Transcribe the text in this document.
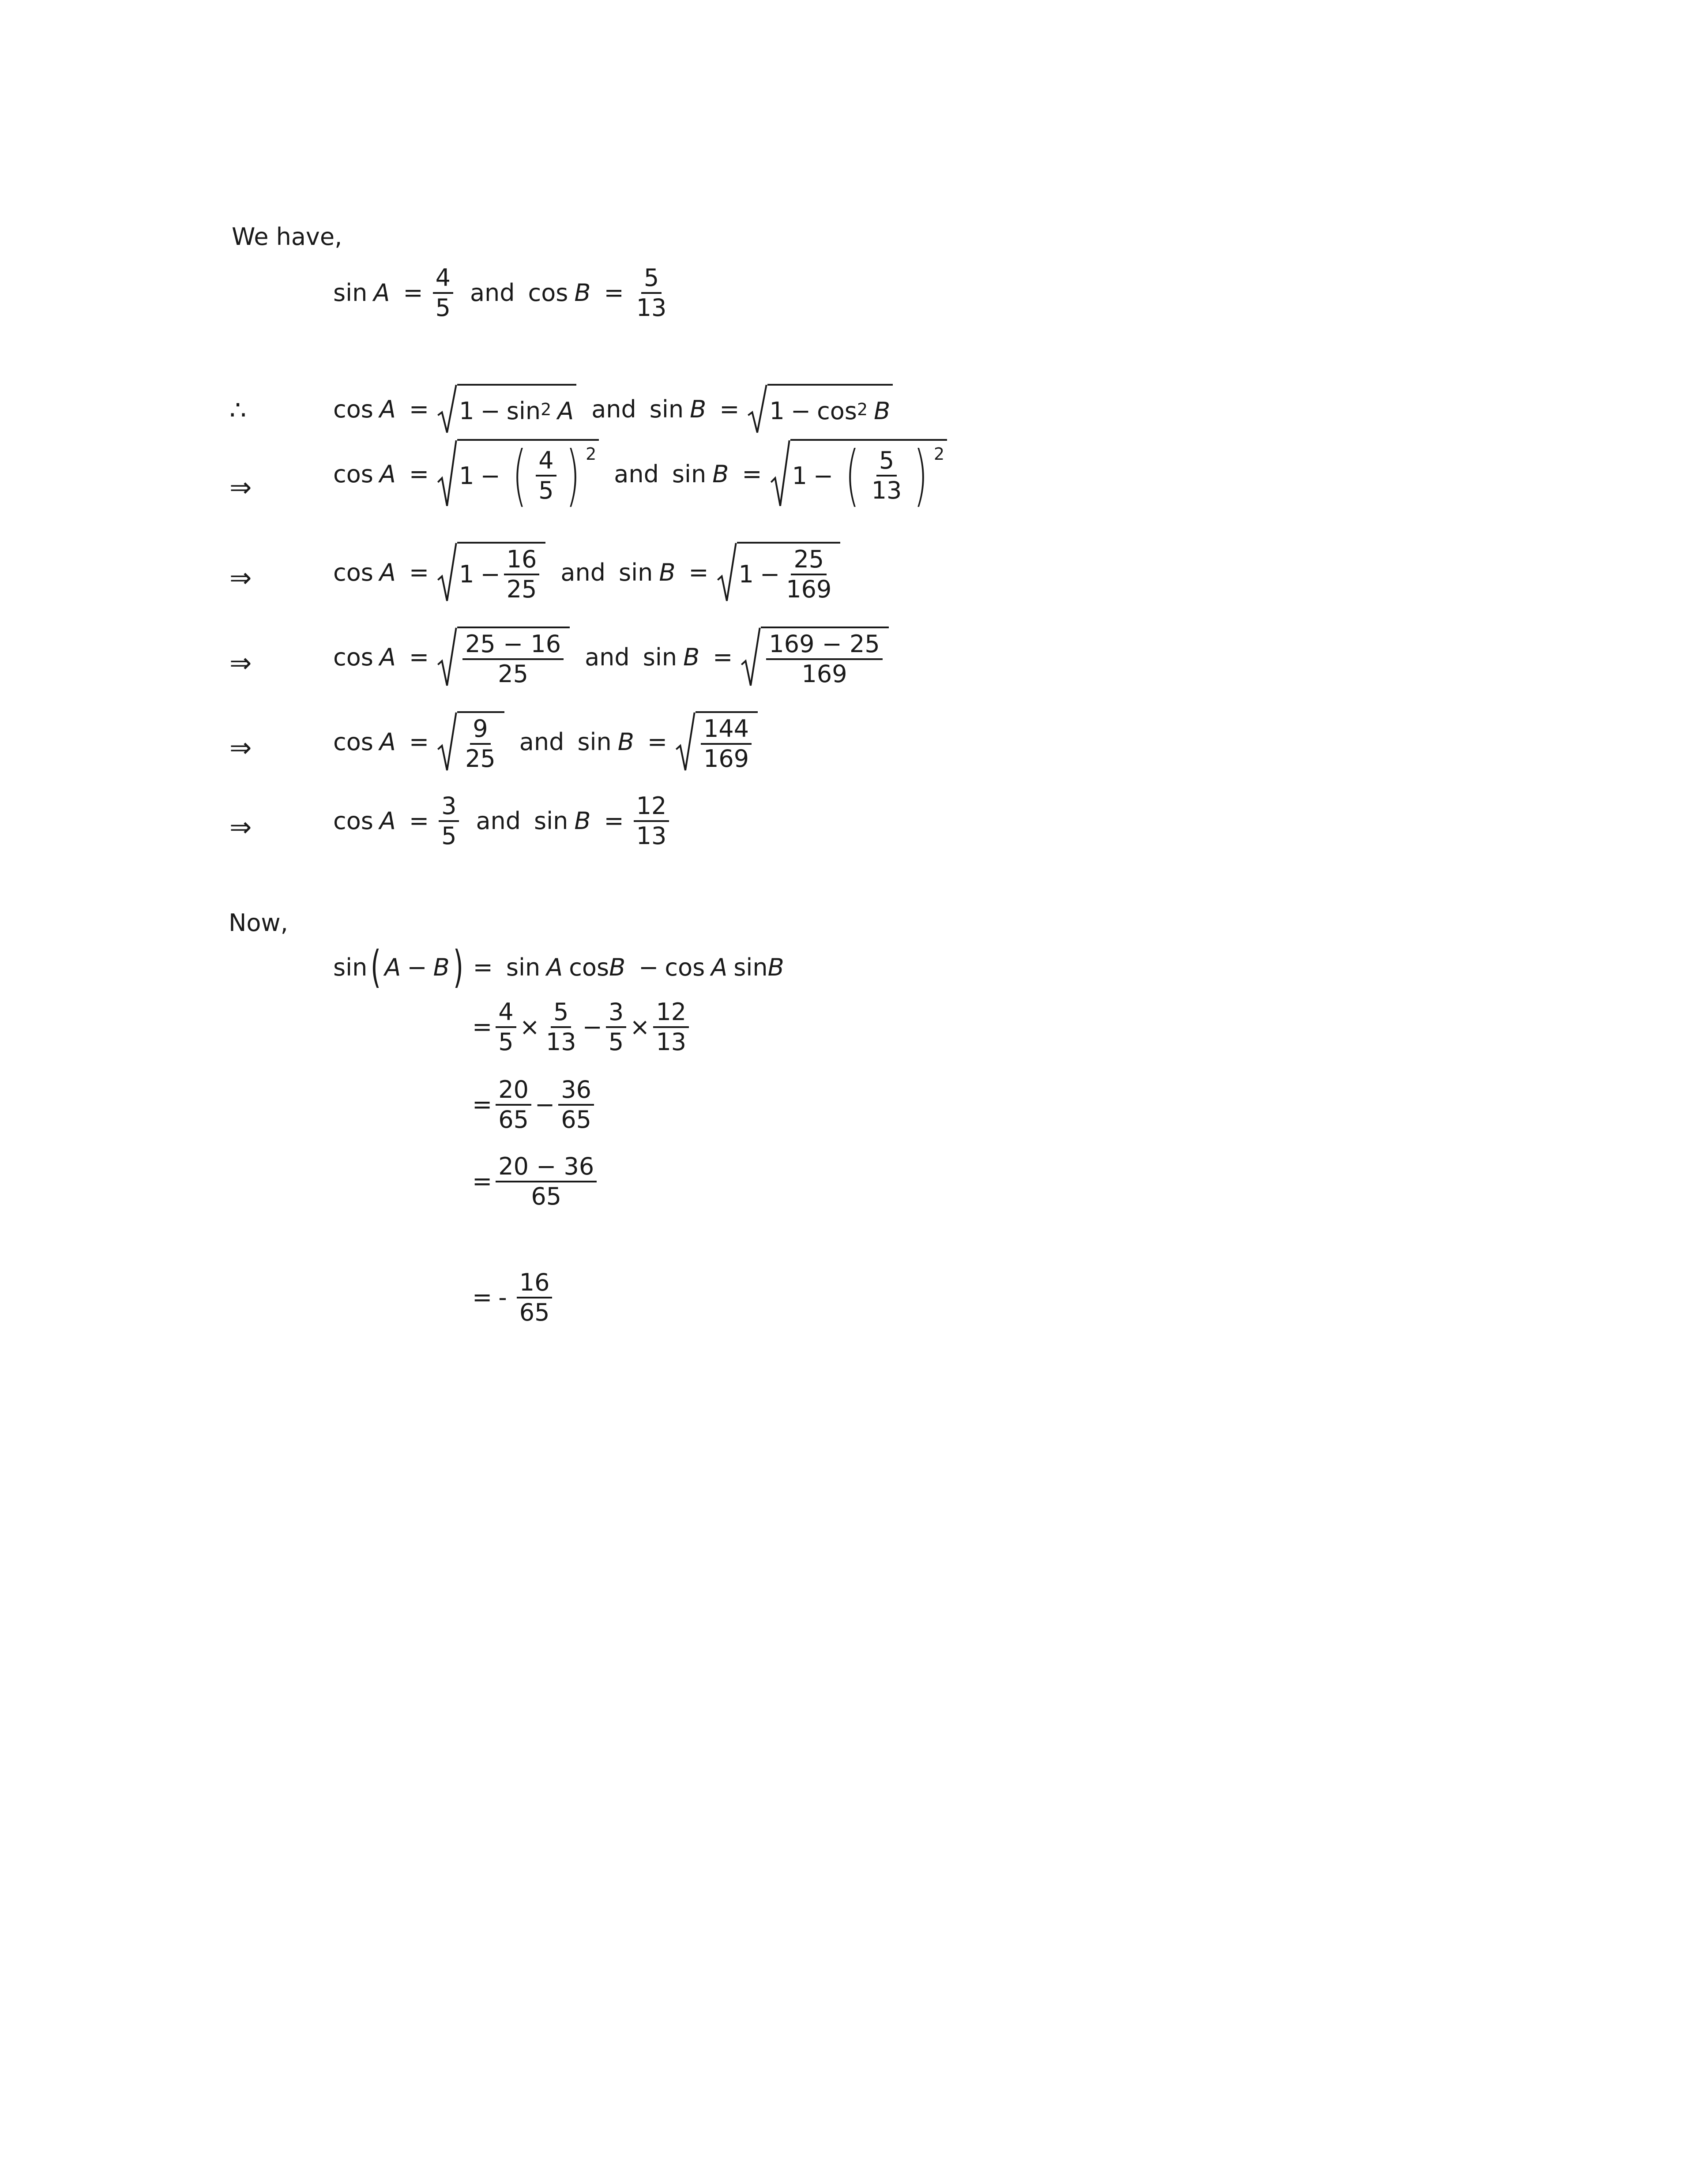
We have,
$\sin A = \frac{4}{5}$ and $\cos B = \frac{5}{13}$
∴	$\cos A = 1 - \sin^2 A$ and $\sin B = 1 - \cos^2 B$
⇒	cos A = 1 − ( $\frac{4}{5}$ ) 2
and sin B = 1 − ( $\frac{5}{13}$ ) 2
⇒	$\cos A = 1 - \frac{16}{25}$ and $\sin B = 1 - \frac{25}{169}$
⇒	$\cos A = \frac{25 - 16}{25}$ and $\sin B = \frac{169 - 25}{169}$
⇒	$\cos A = \frac{9}{25}$ and $\sin B = \frac{144}{169}$
⇒	$\cos A = \frac{3}{5}$ and $\sin B = \frac{12}{13}$
Now,
sin ( A − B ) = sin A cos B − cos A sin B
= $\frac{4}{5} \times \frac{5}{13} - \frac{3}{5} \times \frac{12}{13}$
= $\frac{20}{65} - \frac{36}{65}$
= $\frac{20 - 36}{65}$
= - $\frac{16}{65}$
